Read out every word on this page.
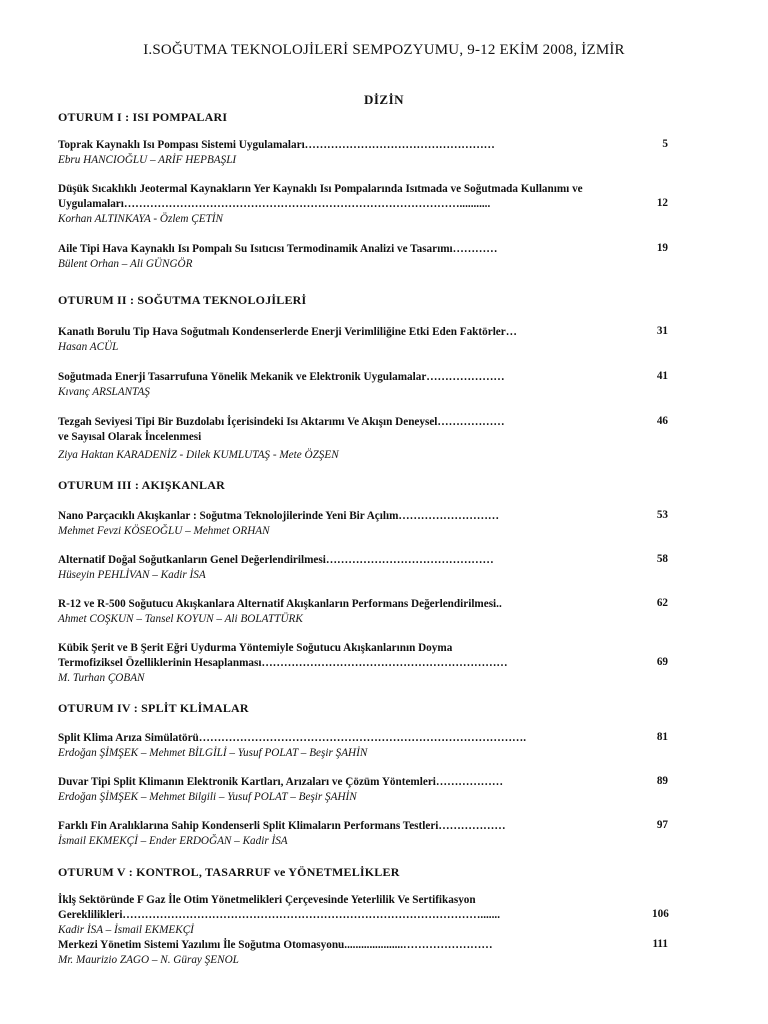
I.SOĞUTMA TEKNOLOJİLERİ SEMPOZYUMU, 9-12 EKİM 2008, İZMİR
DİZİN
OTURUM I : ISI POMPALARI
OTURUM II : SOĞUTMA TEKNOLOJİLERİ
OTURUM III : AKIŞKANLAR
OTURUM IV : SPLİT KLİMALAR
OTURUM V : KONTROL, TASARRUF ve YÖNETMELİKLER
Toprak Kaynaklı Isı Pompası Sistemi Uygulamaları……………………………………………
Ebru HANCIOĞLU – ARİF HEPBAŞLI
5
Düşük Sıcaklıklı Jeotermal Kaynakların Yer Kaynaklı Isı Pompalarında Isıtmada ve Soğutmada Kullanımı ve
Uygulamaları………………………………………………………………………………...........
Korhan ALTINKAYA - Özlem ÇETİN
12
Aile Tipi Hava Kaynaklı Isı Pompalı Su Isıtıcısı Termodinamik Analizi ve Tasarımı…………
Bülent Orhan – Ali GÜNGÖR
19
Kanatlı Borulu Tip Hava Soğutmalı Kondenserlerde Enerji Verimliliğine Etki Eden Faktörler…
Hasan ACÜL
31
Soğutmada Enerji Tasarrufuna Yönelik Mekanik ve Elektronik Uygulamalar…………………
Kıvanç ARSLANTAŞ
41
Tezgah Seviyesi Tipi Bir Buzdolabı İçerisindeki Isı Aktarımı Ve Akışın Deneysel………………
ve Sayısal Olarak İncelenmesi
Ziya Haktan KARADENİZ - Dilek KUMLUTAŞ - Mete ÖZŞEN
46
Nano Parçacıklı Akışkanlar : Soğutma Teknolojilerinde Yeni Bir Açılım………………………
Mehmet Fevzi KÖSEOĞLU – Mehmet ORHAN
53
Alternatif Doğal Soğutkanların Genel Değerlendirilmesi………………………………………
Hüseyin PEHLİVAN – Kadir İSA
58
R-12 ve R-500 Soğutucu Akışkanlara Alternatif Akışkanların Performans Değerlendirilmesi..
Ahmet COŞKUN – Tansel KOYUN – Ali BOLATTÜRK
62
Kübik Şerit ve B Şerit Eğri Uydurma Yöntemiyle Soğutucu Akışkanlarının Doyma
Termofiziksel Özelliklerinin Hesaplanması…………………………………………………………
M. Turhan ÇOBAN
69
Split Klima Arıza Simülatörü…………………………………………………………………………….
Erdoğan ŞİMŞEK – Mehmet BİLGİLİ – Yusuf POLAT – Beşir ŞAHİN
81
Duvar Tipi Split Klimanın Elektronik Kartları, Arızaları ve Çözüm Yöntemleri………………
Erdoğan ŞİMŞEK – Mehmet Bilgili – Yusuf POLAT – Beşir ŞAHİN
89
Farklı Fin Aralıklarına Sahip Kondenserli Split Klimaların Performans Testleri………………
İsmail EKMEKÇİ – Ender ERDOĞAN – Kadir İSA
97
İklş Sektöründe F Gaz İle Otim Yönetmelikleri Çerçevesinde Yeterlilik Ve Sertifikasyon
Gereklilikleri…………………………………………………………………………………….......
Kadir İSA – İsmail EKMEKÇİ
106
Merkezi Yönetim Sistemi Yazılımı İle Soğutma Otomasyonu.....................……………………
Mr. Maurizio ZAGO – N. Güray ŞENOL
111
